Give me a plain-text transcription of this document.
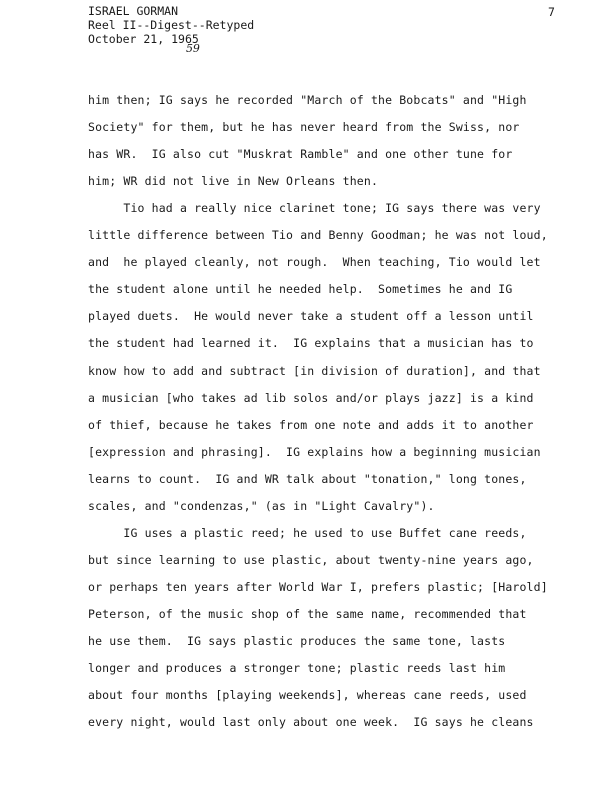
ISRAEL GORMAN
Reel II--Digest--Retyped
October 21, 1965
59
7
him then; IG says he recorded "March of the Bobcats" and "High
Society" for them, but he has never heard from the Swiss, nor
has WR.  IG also cut "Muskrat Ramble" and one other tune for
him; WR did not live in New Orleans then.
Tio had a really nice clarinet tone; IG says there was very
little difference between Tio and Benny Goodman; he was not loud,
and  he played cleanly, not rough.  When teaching, Tio would let
the student alone until he needed help.  Sometimes he and IG
played duets.  He would never take a student off a lesson until
the student had learned it.  IG explains that a musician has to
know how to add and subtract [in division of duration], and that
a musician [who takes ad lib solos and/or plays jazz] is a kind
of thief, because he takes from one note and adds it to another
[expression and phrasing].  IG explains how a beginning musician
learns to count.  IG and WR talk about "tonation," long tones,
scales, and "condenzas," (as in "Light Cavalry").
IG uses a plastic reed; he used to use Buffet cane reeds,
but since learning to use plastic, about twenty-nine years ago,
or perhaps ten years after World War I, prefers plastic; [Harold]
Peterson, of the music shop of the same name, recommended that
he use them.  IG says plastic produces the same tone, lasts
longer and produces a stronger tone; plastic reeds last him
about four months [playing weekends], whereas cane reeds, used
every night, would last only about one week.  IG says he cleans
